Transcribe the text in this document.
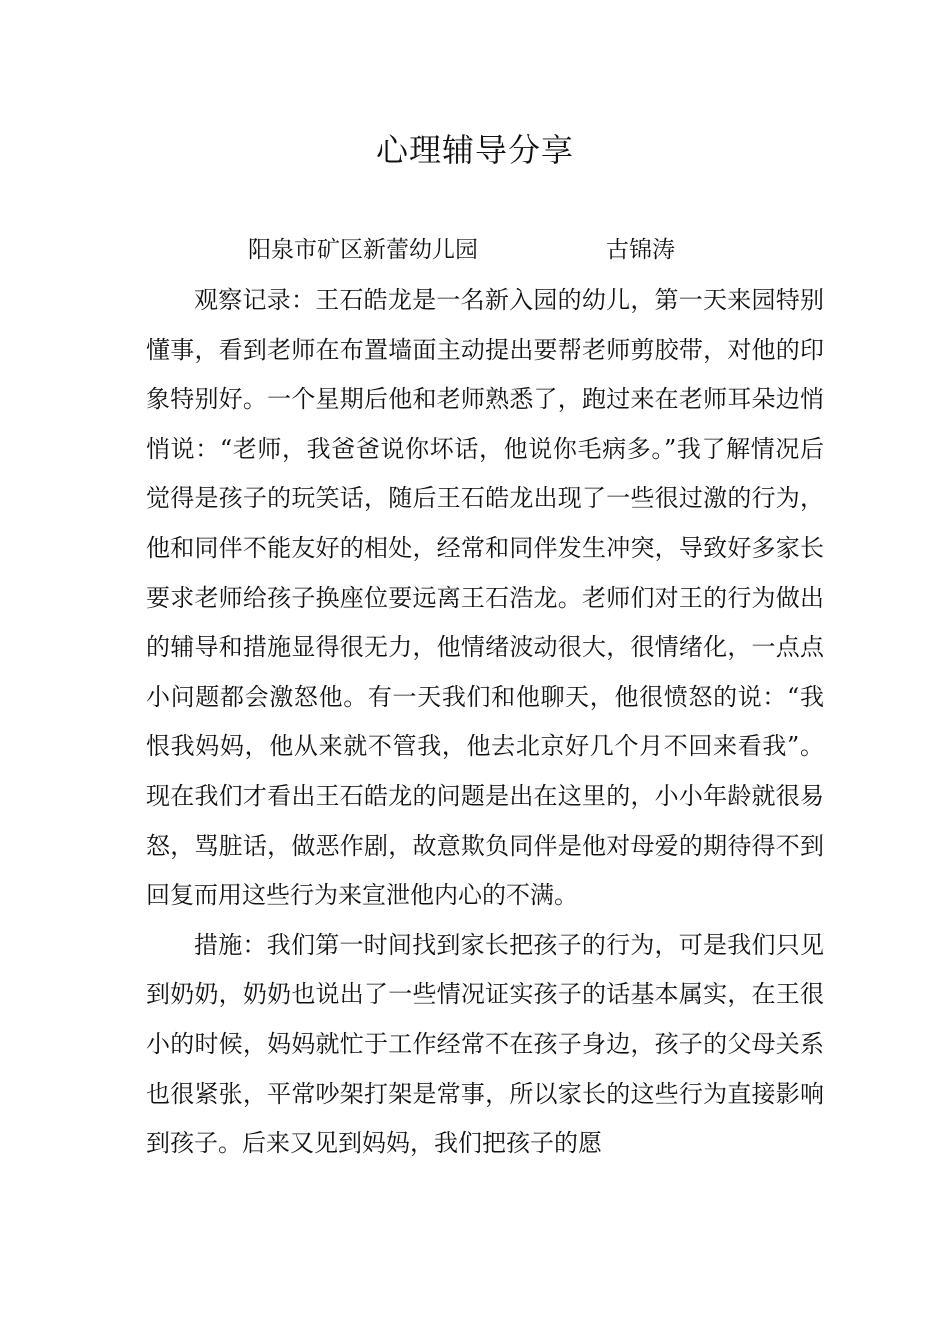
心理辅导分享
阳泉市矿区新蕾幼儿园	古锦涛

观察记录：王石皓龙是一名新入园的幼儿，第一天来园特别懂事，看到老师在布置墙面主动提出要帮老师剪胶带，对他的印象特别好。一个星期后他和老师熟悉了，跑过来在老师耳朵边悄悄说：“老师，我爸爸说你坏话，他说你毛病多。”我了解情况后觉得是孩子的玩笑话，随后王石皓龙出现了一些很过激的行为，他和同伴不能友好的相处，经常和同伴发生冲突，导致好多家长要求老师给孩子换座位要远离王石浩龙。老师们对王的行为做出的辅导和措施显得很无力，他情绪波动很大，很情绪化，一点点小问题都会激怒他。有一天我们和他聊天，他很愤怒的说：“我恨我妈妈，他从来就不管我，他去北京好几个月不回来看我”。现在我们才看出王石皓龙的问题是出在这里的，小小年龄就很易怒，骂脏话，做恶作剧，故意欺负同伴是他对母爱的期待得不到回复而用这些行为来宣泄他内心的不满。

措施：我们第一时间找到家长把孩子的行为，可是我们只见到奶奶，奶奶也说出了一些情况证实孩子的话基本属实，在王很小的时候，妈妈就忙于工作经常不在孩子身边，孩子的父母关系也很紧张，平常吵架打架是常事，所以家长的这些行为直接影响到孩子。后来又见到妈妈，我们把孩子的愿
